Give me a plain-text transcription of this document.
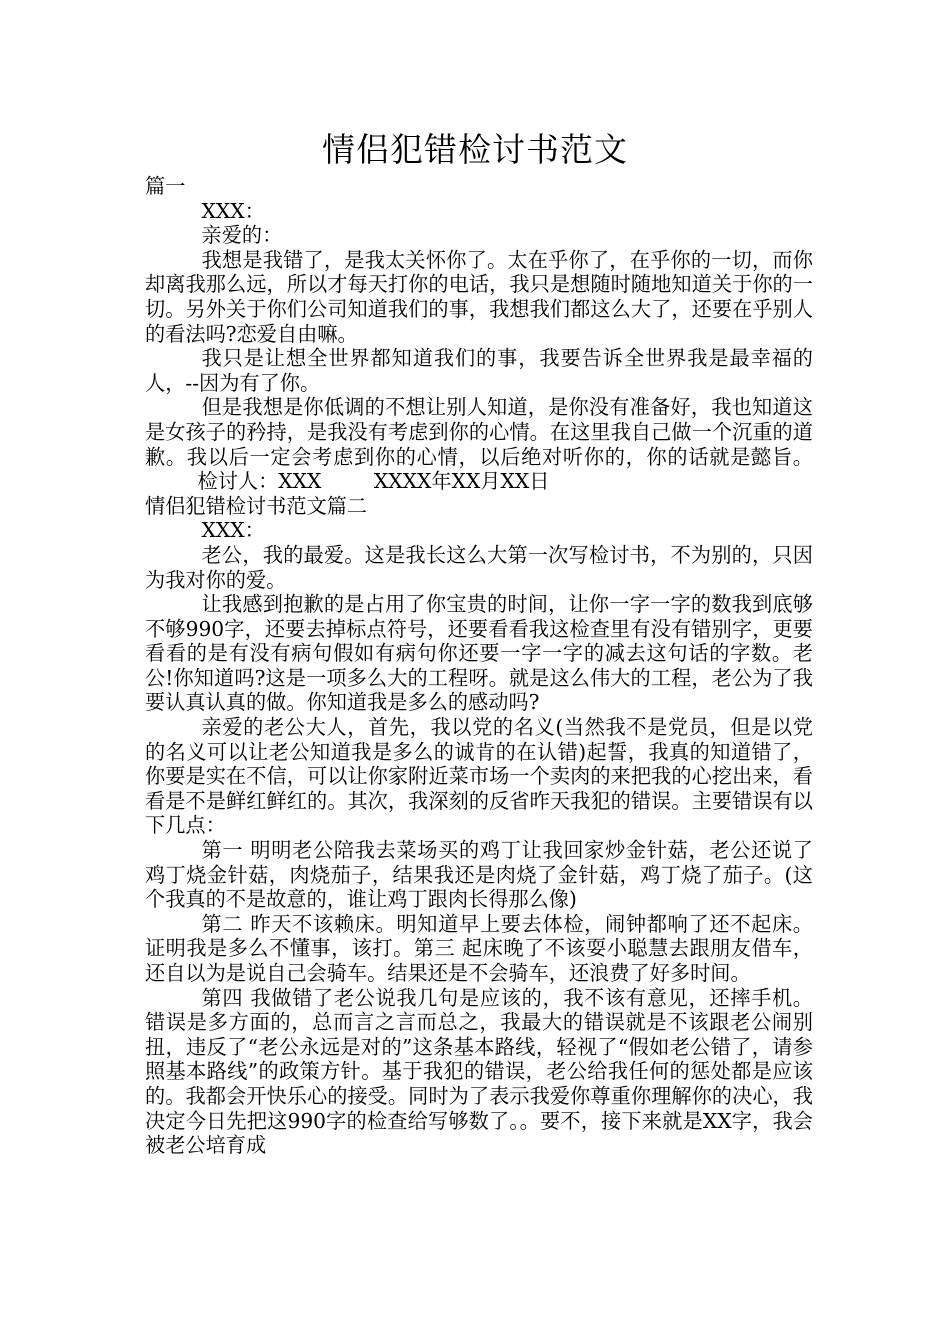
情侣犯错检讨书范文

篇一

XXX：

亲爱的：

我想是我错了，是我太关怀你了。太在乎你了，在乎你的一切，而你却离我那么远，所以才每天打你的电话，我只是想随时随地知道关于你的一切。另外关于你们公司知道我们的事，我想我们都这么大了，还要在乎别人的看法吗?恋爱自由嘛。

我只是让想全世界都知道我们的事，我要告诉全世界我是最幸福的人，--因为有了你。

但是我想是你低调的不想让别人知道，是你没有准备好，我也知道这是女孩子的矜持，是我没有考虑到你的心情。在这里我自己做一个沉重的道歉。我以后一定会考虑到你的心情，以后绝对听你的，你的话就是懿旨。检讨人：XXX	XXXX年XX月XX日

情侣犯错检讨书范文篇二

XXX：

老公，我的最爱。这是我长这么大第一次写检讨书，不为别的，只因为我对你的爱。

让我感到抱歉的是占用了你宝贵的时间，让你一字一字的数我到底够不够990字，还要去掉标点符号，还要看看我这检查里有没有错别字，更要看看的是有没有病句假如有病句你还要一字一字的减去这句话的字数。老公!你知道吗?这是一项多么大的工程呀。就是这么伟大的工程，老公为了我要认真认真的做。你知道我是多么的感动吗?

亲爱的老公大人，首先，我以党的名义(当然我不是党员，但是以党的名义可以让老公知道我是多么的诚肯的在认错)起誓，我真的知道错了，你要是实在不信，可以让你家附近菜市场一个卖肉的来把我的心挖出来，看看是不是鲜红鲜红的。其次，我深刻的反省昨天我犯的错误。主要错误有以下几点：

第一 明明老公陪我去菜场买的鸡丁让我回家炒金针菇，老公还说了鸡丁烧金针菇，肉烧茄子，结果我还是肉烧了金针菇，鸡丁烧了茄子。(这个我真的不是故意的，谁让鸡丁跟肉长得那么像)

第二 昨天不该赖床。明知道早上要去体检，闹钟都响了还不起床。证明我是多么不懂事，该打。第三 起床晚了不该耍小聪慧去跟朋友借车，还自以为是说自己会骑车。结果还是不会骑车，还浪费了好多时间。

第四 我做错了老公说我几句是应该的，我不该有意见，还摔手机。 错误是多方面的，总而言之言而总之，我最大的错误就是不该跟老公闹别扭，违反了“老公永远是对的”这条基本路线，轻视了“假如老公错了，请参照基本路线”的政策方针。基于我犯的错误，老公给我任何的惩处都是应该的。我都会开快乐心的接受。同时为了表示我爱你尊重你理解你的决心，我决定今日先把这990字的检查给写够数了。。要不，接下来就是XX字，我会被老公培育成
